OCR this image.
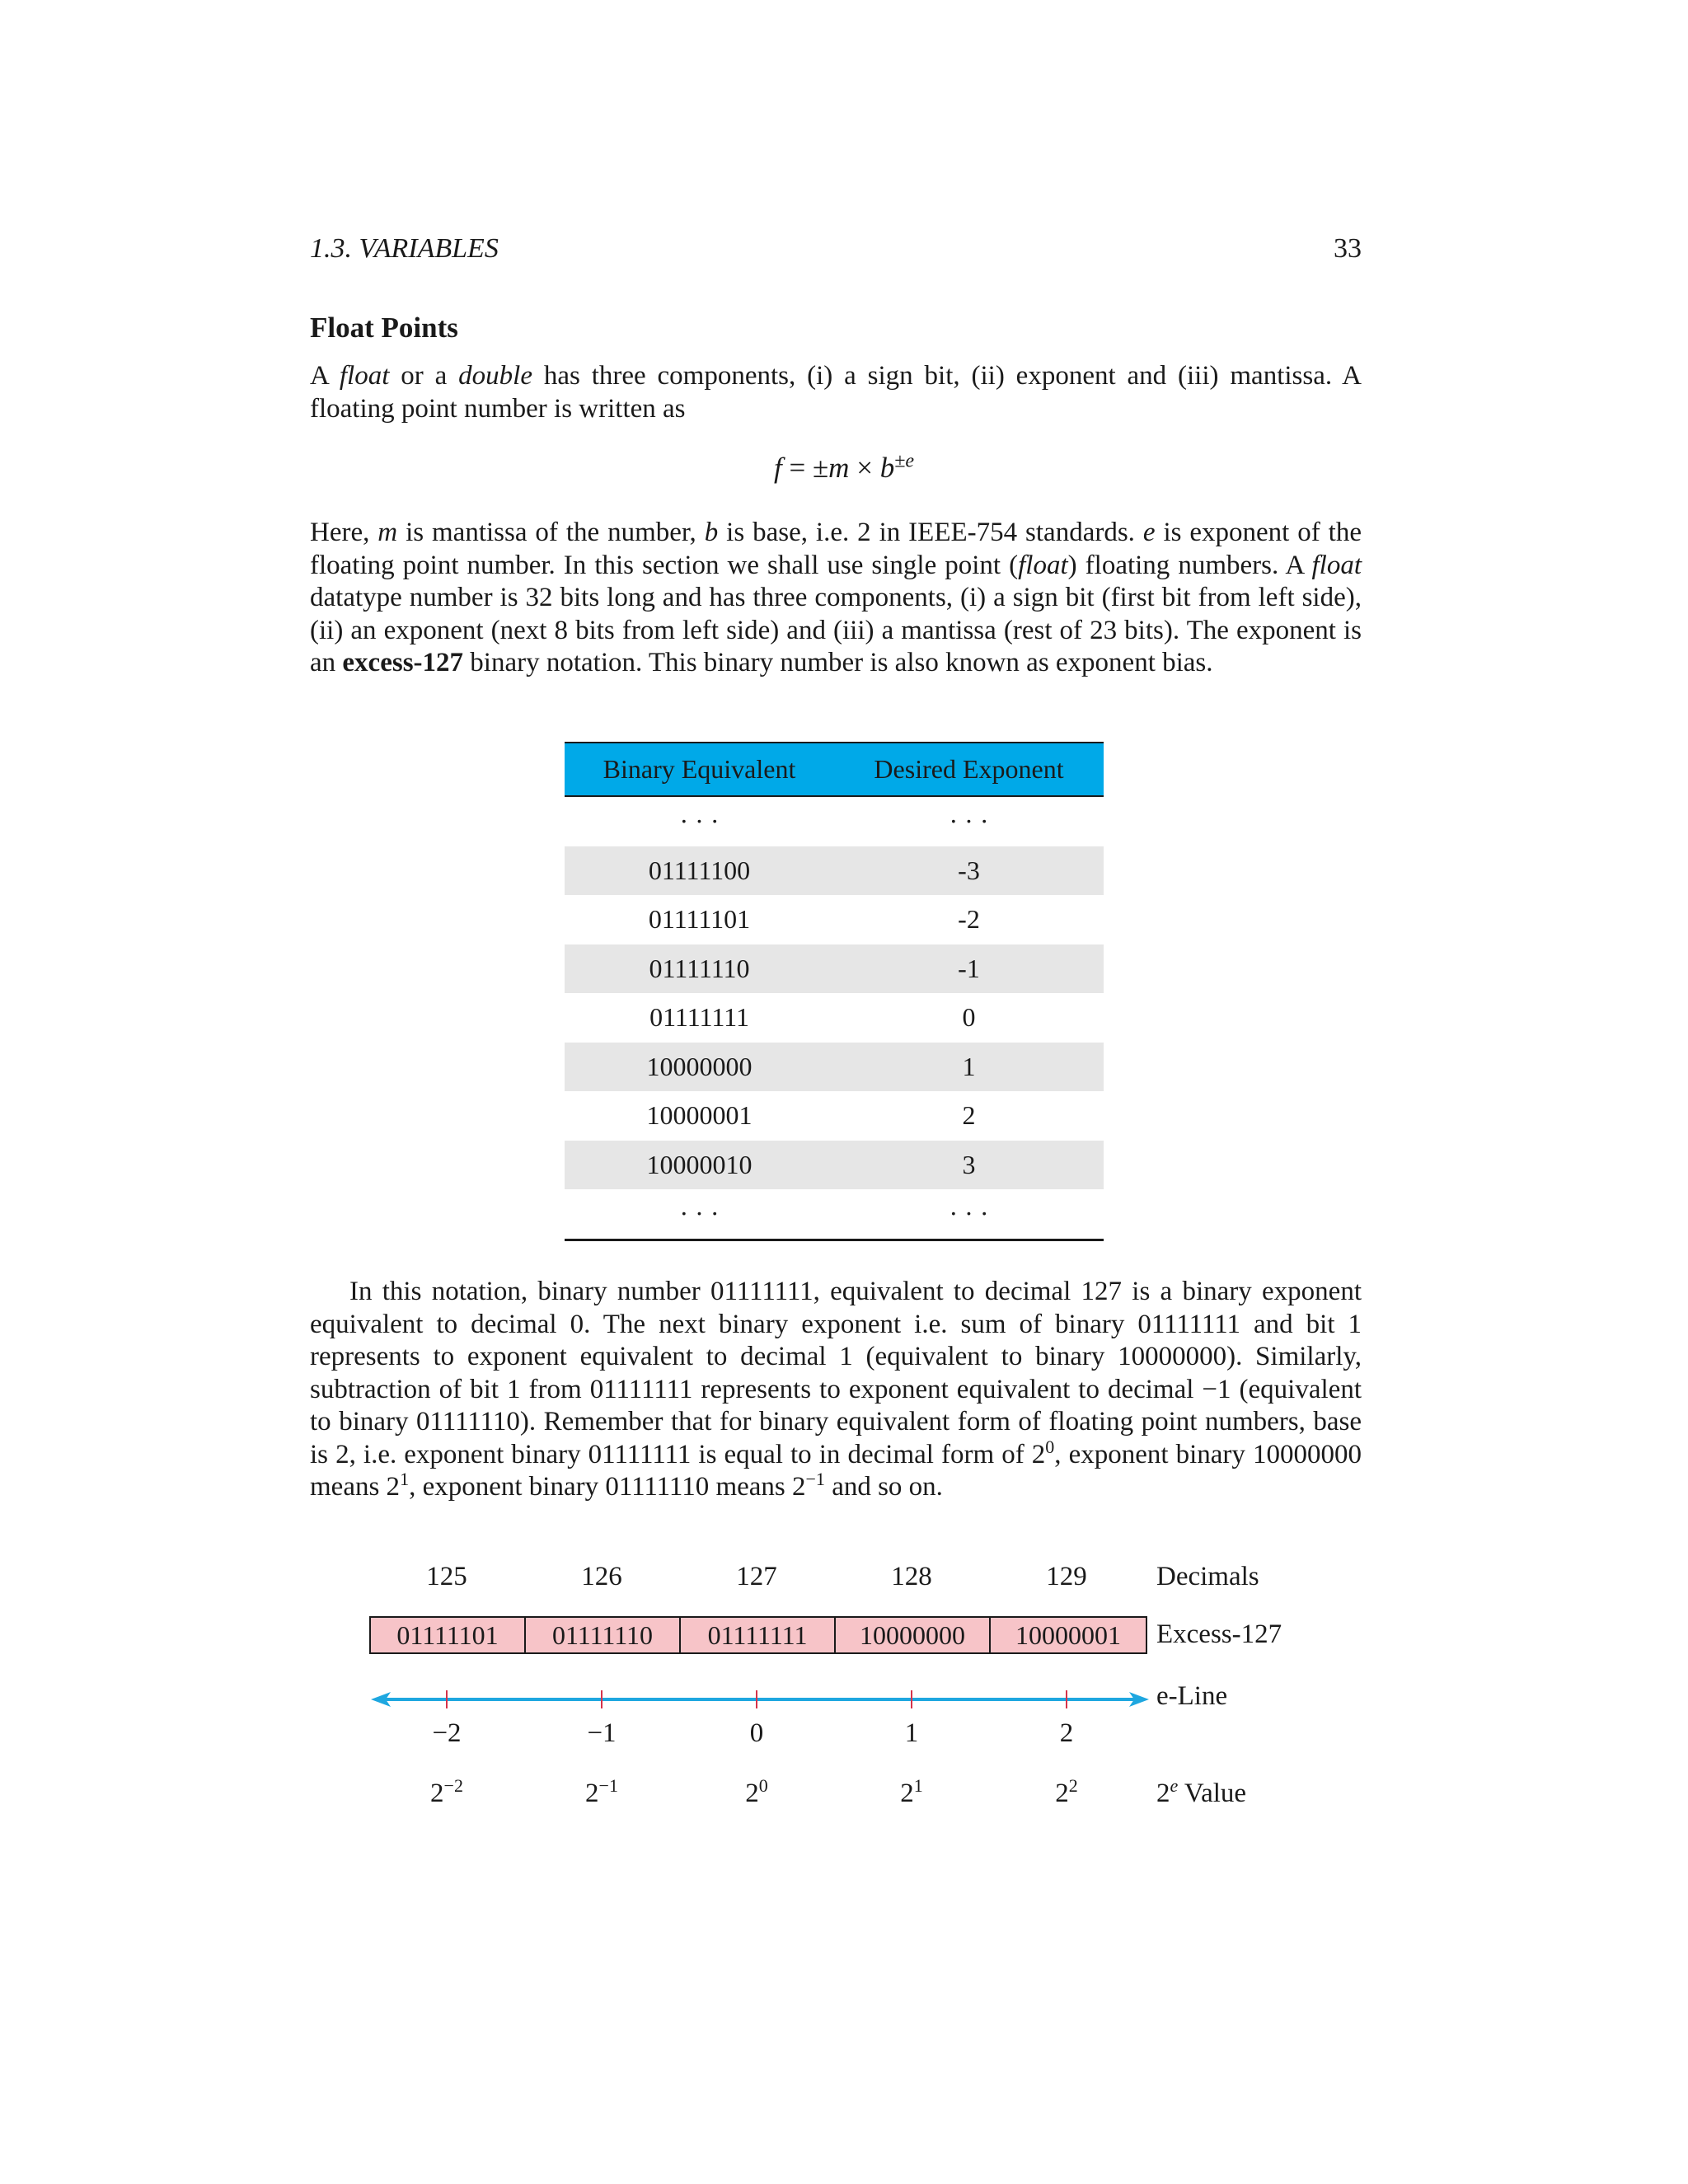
1.3. VARIABLES	33
Float Points

A float or a double has three components, (i) a sign bit, (ii) exponent and (iii) mantissa. A floating point number is written as

$f = \pm m \times b^{\pm e}$

Here, m is mantissa of the number, b is base, i.e. 2 in IEEE-754 standards. e is exponent of the floating point number. In this section we shall use single point (float) floating numbers. A float datatype number is 32 bits long and has three components, (i) a sign bit (first bit from left side), (ii) an exponent (next 8 bits from left side) and (iii) a mantissa (rest of 23 bits). The exponent is an excess-127 binary notation. This binary number is also known as exponent bias.

Binary Equivalent	Desired Exponent
· · ·	· · ·
01111100	-3
01111101	-2
01111110	-1
01111111	0
10000000	1
10000001	2
10000010	3
· · ·	· · ·

In this notation, binary number 01111111, equivalent to decimal 127 is a binary exponent equivalent to decimal 0. The next binary exponent i.e. sum of binary 01111111 and bit 1 represents to exponent equivalent to decimal 1 (equivalent to binary 10000000). Similarly, subtraction of bit 1 from 01111111 represents to exponent equivalent to decimal −1 (equivalent to binary 01111110). Remember that for binary equivalent form of floating point numbers, base is 2, i.e. exponent binary 01111111 is equal to in decimal form of $2^0$, exponent binary 10000000 means $2^1$, exponent binary 01111110 means $2^{-1}$ and so on.

125	126	127	128	129	Decimals
01111101	01111110	01111111	10000000	10000001	Excess-127
e-Line
−2	−1	0	1	2
$2^{-2}$	$2^{-1}$	$2^0$	$2^1$	$2^2$	2e Value
